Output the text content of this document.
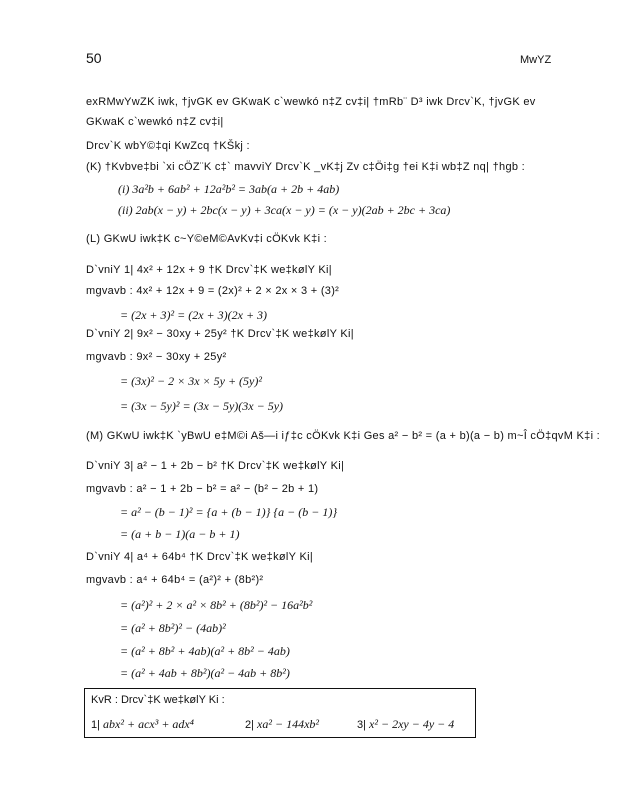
50	MwYZ
exRMwYwZK iwk, †jvGK ev GKwaK c`wewkó n‡Z cv‡i| †mRb¨ D³ iwk Drcv`K, †jvGK ev
GKwaK c`wewkó n‡Z cv‡i|
Drcv`K wbY©‡qi KwZcq †KŠkj :
(K) †Kvbve‡bi `xi cÖZ¨K c‡` mavviY Drcv`K _vK‡j Zv c‡Öi‡g †ei K‡i wb‡Z nq| †hgb :
(i) 3a²b + 6ab² + 12a²b² = 3ab(a + 2b + 4ab)
(ii) 2ab(x − y) + 2bc(x − y) + 3ca(x − y) = (x − y)(2ab + 2bc + 3ca)
(L) GKwU iwk‡K c~Y©eM©AvKv‡i cÖKvk K‡i :
D`vniY 1| 4x² + 12x + 9 †K Drcv`‡K we‡kølY Ki|
mgvavb : 4x² + 12x + 9 = (2x)² + 2 × 2x × 3 + (3)²
= (2x + 3)² = (2x + 3)(2x + 3)
D`vniY 2| 9x² − 30xy + 25y² †K Drcv`‡K we‡kølY Ki|
mgvavb : 9x² − 30xy + 25y²
= (3x)² − 2 × 3x × 5y + (5y)²
= (3x − 5y)² = (3x − 5y)(3x − 5y)
(M) GKwU iwk‡K `yBwU e‡M©i Aš—i iƒ‡c cÖKvk K‡i Ges a² − b² = (a + b)(a − b) m~Î cÖ‡qvM K‡i :
D`vniY 3| a² − 1 + 2b − b² †K Drcv`‡K we‡kølY Ki|
mgvavb : a² − 1 + 2b − b² = a² − (b² − 2b + 1)
= a² − (b − 1)² = {a + (b − 1)} {a − (b − 1)}
= (a + b − 1)(a − b + 1)
D`vniY 4| a⁴ + 64b⁴ †K Drcv`‡K we‡kølY Ki|
mgvavb : a⁴ + 64b⁴ = (a²)² + (8b²)²
= (a²)² + 2 × a² × 8b² + (8b²)² − 16a²b²
= (a² + 8b²)² − (4ab)²
= (a² + 8b² + 4ab)(a² + 8b² − 4ab)
= (a² + 4ab + 8b²)(a² − 4ab + 8b²)
KvR : Drcv`‡K we‡kølY Ki :
1| abx² + acx³ + adx⁴	2| xa² − 144xb²	3| x² − 2xy − 4y − 4
